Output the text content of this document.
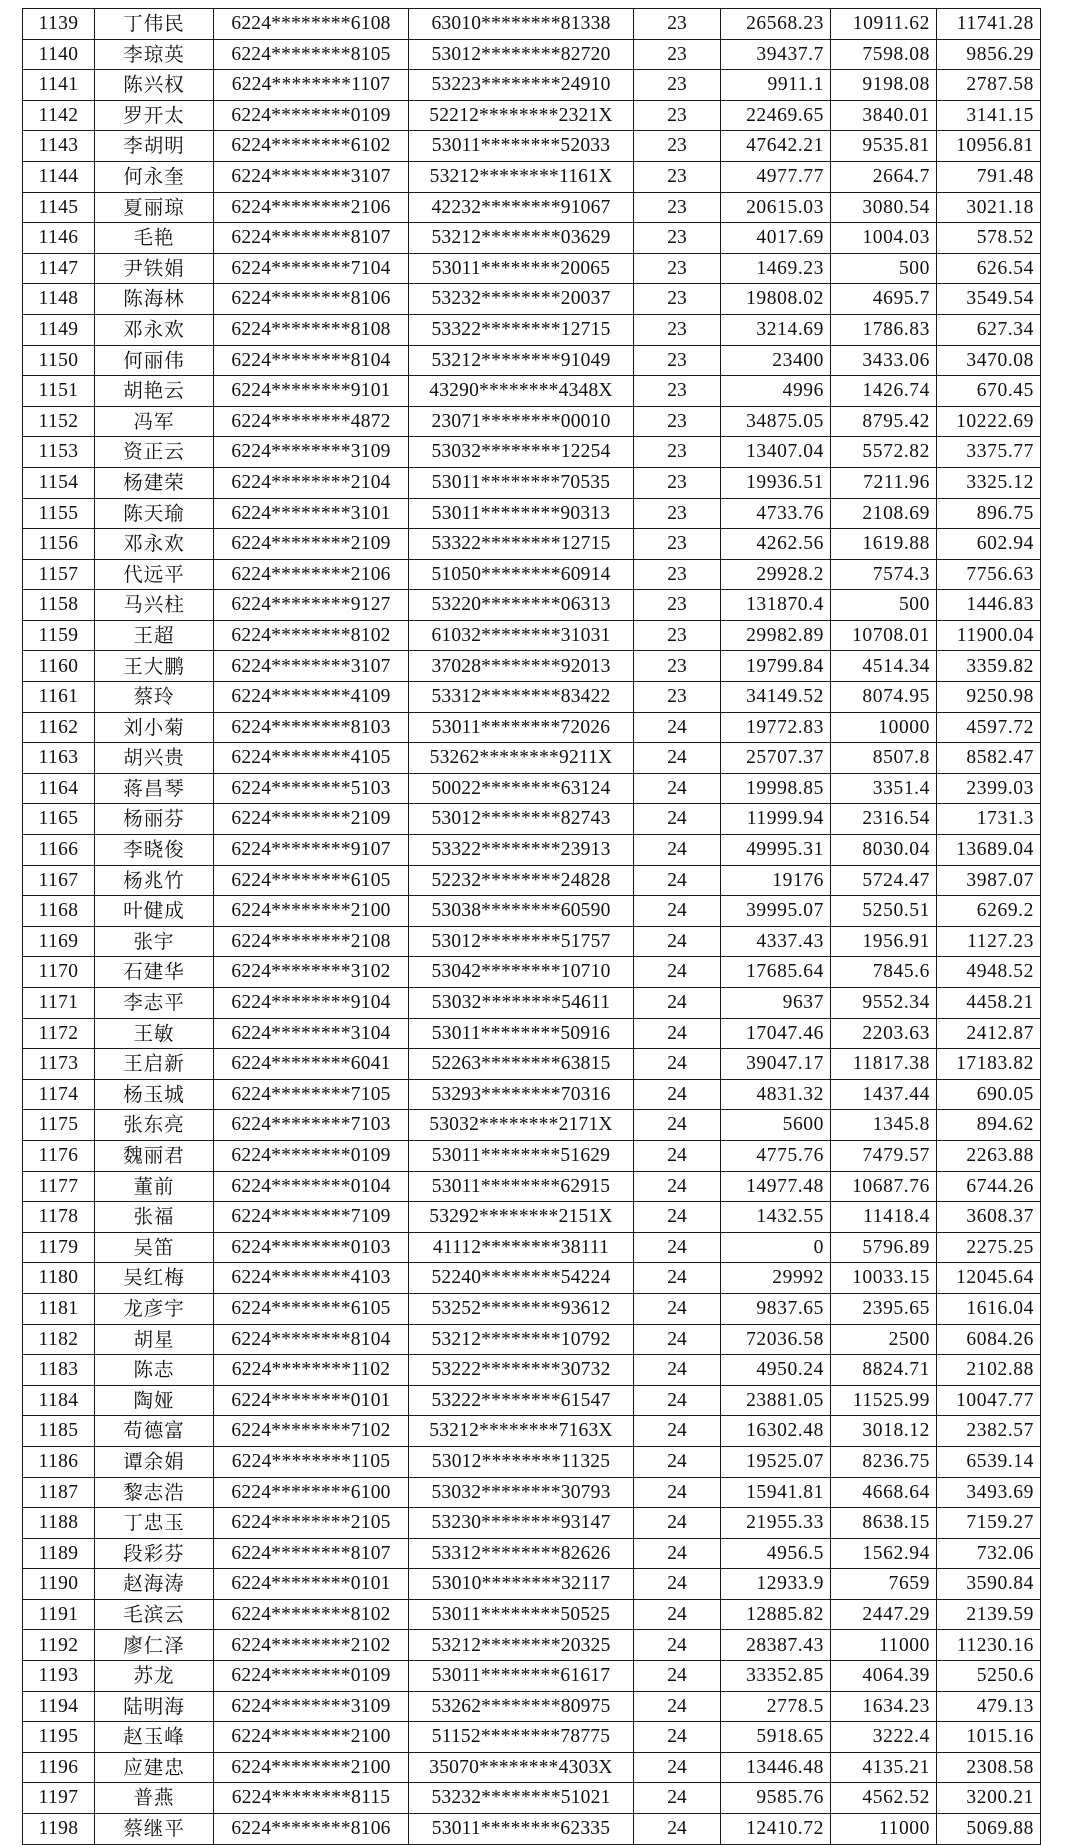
1139	丁伟民	6224********6108	63010********81338	23	26568.23	10911.62	11741.28
1140	李琼英	6224********8105	53012********82720	23	39437.7	7598.08	9856.29
1141	陈兴权	6224********1107	53223********24910	23	9911.1	9198.08	2787.58
1142	罗开太	6224********0109	52212********2321X	23	22469.65	3840.01	3141.15
1143	李胡明	6224********6102	53011********52033	23	47642.21	9535.81	10956.81
1144	何永奎	6224********3107	53212********1161X	23	4977.77	2664.7	791.48
1145	夏丽琼	6224********2106	42232********91067	23	20615.03	3080.54	3021.18
1146	毛艳	6224********8107	53212********03629	23	4017.69	1004.03	578.52
1147	尹铁娟	6224********7104	53011********20065	23	1469.23	500	626.54
1148	陈海林	6224********8106	53232********20037	23	19808.02	4695.7	3549.54
1149	邓永欢	6224********8108	53322********12715	23	3214.69	1786.83	627.34
1150	何丽伟	6224********8104	53212********91049	23	23400	3433.06	3470.08
1151	胡艳云	6224********9101	43290********4348X	23	4996	1426.74	670.45
1152	冯军	6224********4872	23071********00010	23	34875.05	8795.42	10222.69
1153	资正云	6224********3109	53032********12254	23	13407.04	5572.82	3375.77
1154	杨建荣	6224********2104	53011********70535	23	19936.51	7211.96	3325.12
1155	陈天瑜	6224********3101	53011********90313	23	4733.76	2108.69	896.75
1156	邓永欢	6224********2109	53322********12715	23	4262.56	1619.88	602.94
1157	代远平	6224********2106	51050********60914	23	29928.2	7574.3	7756.63
1158	马兴柱	6224********9127	53220********06313	23	131870.4	500	1446.83
1159	王超	6224********8102	61032********31031	23	29982.89	10708.01	11900.04
1160	王大鹏	6224********3107	37028********92013	23	19799.84	4514.34	3359.82
1161	蔡玲	6224********4109	53312********83422	23	34149.52	8074.95	9250.98
1162	刘小菊	6224********8103	53011********72026	24	19772.83	10000	4597.72
1163	胡兴贵	6224********4105	53262********9211X	24	25707.37	8507.8	8582.47
1164	蒋昌琴	6224********5103	50022********63124	24	19998.85	3351.4	2399.03
1165	杨丽芬	6224********2109	53012********82743	24	11999.94	2316.54	1731.3
1166	李晓俊	6224********9107	53322********23913	24	49995.31	8030.04	13689.04
1167	杨兆竹	6224********6105	52232********24828	24	19176	5724.47	3987.07
1168	叶健成	6224********2100	53038********60590	24	39995.07	5250.51	6269.2
1169	张宇	6224********2108	53012********51757	24	4337.43	1956.91	1127.23
1170	石建华	6224********3102	53042********10710	24	17685.64	7845.6	4948.52
1171	李志平	6224********9104	53032********54611	24	9637	9552.34	4458.21
1172	王敏	6224********3104	53011********50916	24	17047.46	2203.63	2412.87
1173	王启新	6224********6041	52263********63815	24	39047.17	11817.38	17183.82
1174	杨玉城	6224********7105	53293********70316	24	4831.32	1437.44	690.05
1175	张东亮	6224********7103	53032********2171X	24	5600	1345.8	894.62
1176	魏丽君	6224********0109	53011********51629	24	4775.76	7479.57	2263.88
1177	董前	6224********0104	53011********62915	24	14977.48	10687.76	6744.26
1178	张福	6224********7109	53292********2151X	24	1432.55	11418.4	3608.37
1179	吴笛	6224********0103	41112********38111	24	0	5796.89	2275.25
1180	吴红梅	6224********4103	52240********54224	24	29992	10033.15	12045.64
1181	龙彦宇	6224********6105	53252********93612	24	9837.65	2395.65	1616.04
1182	胡星	6224********8104	53212********10792	24	72036.58	2500	6084.26
1183	陈志	6224********1102	53222********30732	24	4950.24	8824.71	2102.88
1184	陶娅	6224********0101	53222********61547	24	23881.05	11525.99	10047.77
1185	苟德富	6224********7102	53212********7163X	24	16302.48	3018.12	2382.57
1186	谭余娟	6224********1105	53012********11325	24	19525.07	8236.75	6539.14
1187	黎志浩	6224********6100	53032********30793	24	15941.81	4668.64	3493.69
1188	丁忠玉	6224********2105	53230********93147	24	21955.33	8638.15	7159.27
1189	段彩芬	6224********8107	53312********82626	24	4956.5	1562.94	732.06
1190	赵海涛	6224********0101	53010********32117	24	12933.9	7659	3590.84
1191	毛滨云	6224********8102	53011********50525	24	12885.82	2447.29	2139.59
1192	廖仁泽	6224********2102	53212********20325	24	28387.43	11000	11230.16
1193	苏龙	6224********0109	53011********61617	24	33352.85	4064.39	5250.6
1194	陆明海	6224********3109	53262********80975	24	2778.5	1634.23	479.13
1195	赵玉峰	6224********2100	51152********78775	24	5918.65	3222.4	1015.16
1196	应建忠	6224********2100	35070********4303X	24	13446.48	4135.21	2308.58
1197	普燕	6224********8115	53232********51021	24	9585.76	4562.52	3200.21
1198	蔡继平	6224********8106	53011********62335	24	12410.72	11000	5069.88
